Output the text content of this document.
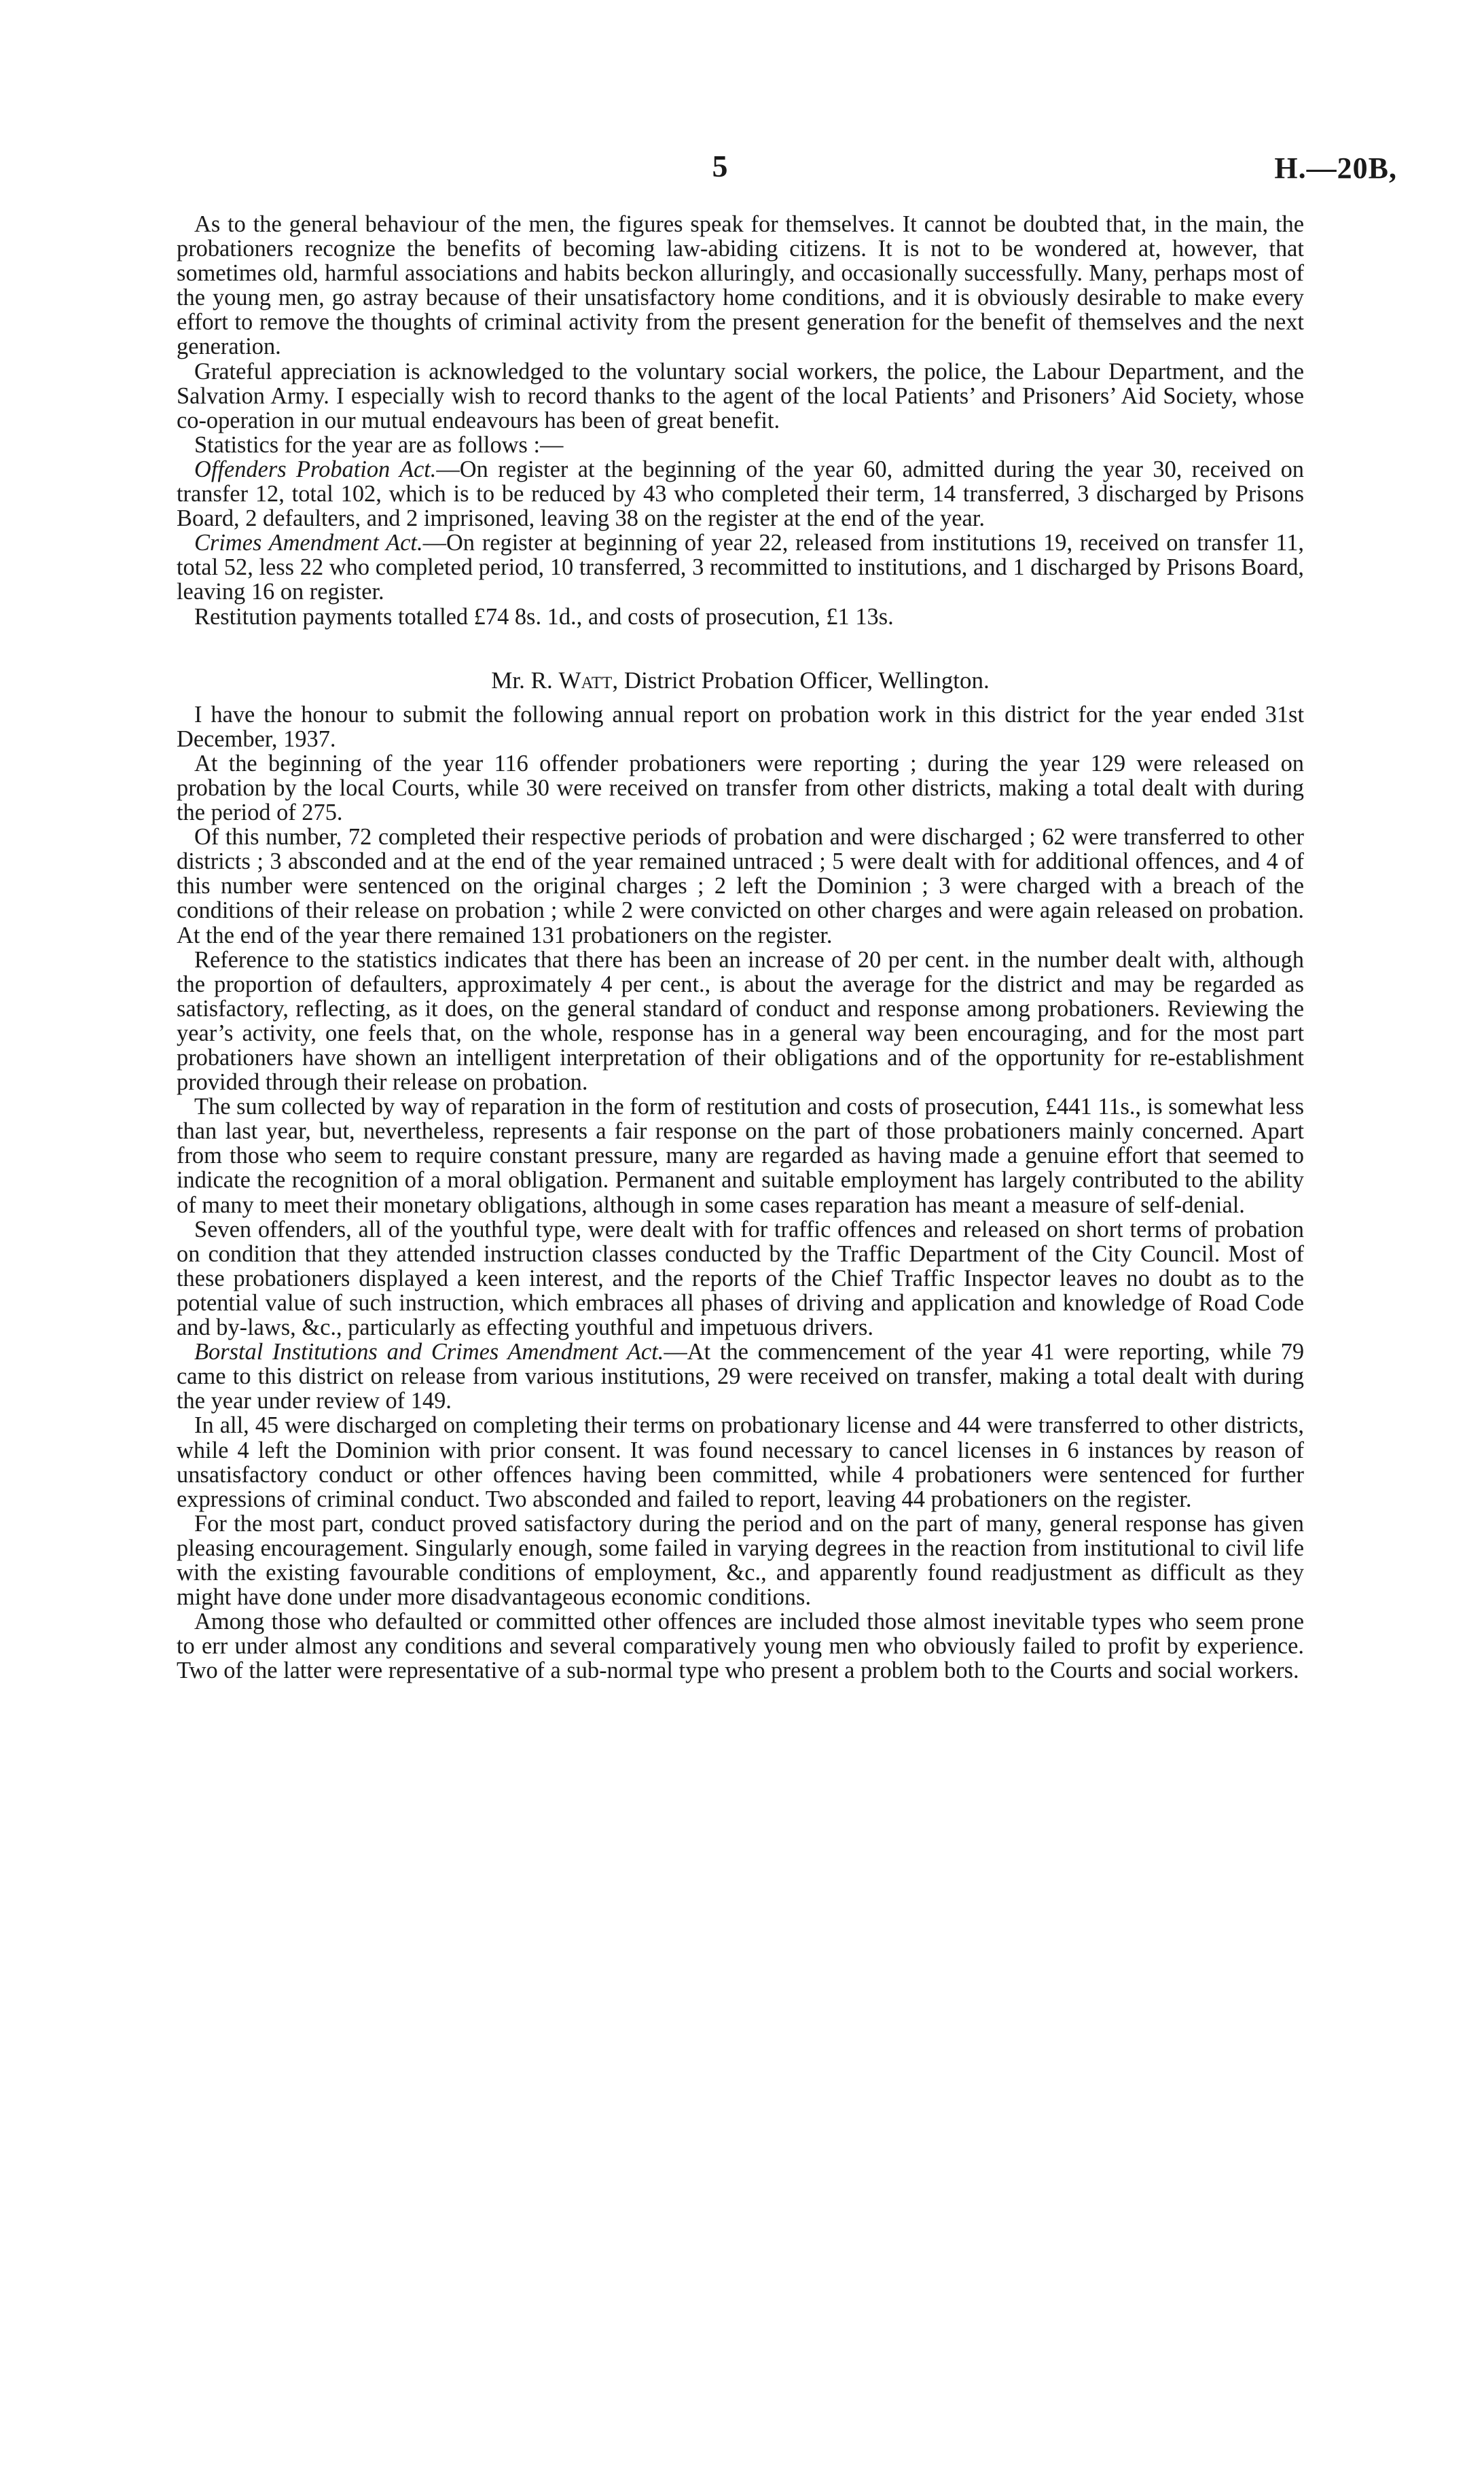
5	H.—20B,

As to the general behaviour of the men, the figures speak for themselves. It cannot be doubted that, in the main, the probationers recognize the benefits of becoming law-abiding citizens. It is not to be wondered at, however, that sometimes old, harmful associations and habits beckon alluringly, and occasionally successfully. Many, perhaps most of the young men, go astray because of their unsatisfactory home conditions, and it is obviously desirable to make every effort to remove the thoughts of criminal activity from the present generation for the benefit of themselves and the next generation.

Grateful appreciation is acknowledged to the voluntary social workers, the police, the Labour Department, and the Salvation Army. I especially wish to record thanks to the agent of the local Patients’ and Prisoners’ Aid Society, whose co-operation in our mutual endeavours has been of great benefit.

Statistics for the year are as follows :—

Offenders Probation Act.—On register at the beginning of the year 60, admitted during the year 30, received on transfer 12, total 102, which is to be reduced by 43 who completed their term, 14 transferred, 3 discharged by Prisons Board, 2 defaulters, and 2 imprisoned, leaving 38 on the register at the end of the year.

Crimes Amendment Act.—On register at beginning of year 22, released from institutions 19, received on transfer 11, total 52, less 22 who completed period, 10 transferred, 3 recommitted to institutions, and 1 discharged by Prisons Board, leaving 16 on register.

Restitution payments totalled £74 8s. 1d., and costs of prosecution, £1 13s.

Mr. R. Watt, District Probation Officer, Wellington.

I have the honour to submit the following annual report on probation work in this district for the year ended 31st December, 1937.

At the beginning of the year 116 offender probationers were reporting ; during the year 129 were released on probation by the local Courts, while 30 were received on transfer from other districts, making a total dealt with during the period of 275.

Of this number, 72 completed their respective periods of probation and were discharged ; 62 were transferred to other districts ; 3 absconded and at the end of the year remained untraced ; 5 were dealt with for additional offences, and 4 of this number were sentenced on the original charges ; 2 left the Dominion ; 3 were charged with a breach of the conditions of their release on probation ; while 2 were convicted on other charges and were again released on probation. At the end of the year there remained 131 probationers on the register.

Reference to the statistics indicates that there has been an increase of 20 per cent. in the number dealt with, although the proportion of defaulters, approximately 4 per cent., is about the average for the district and may be regarded as satisfactory, reflecting, as it does, on the general standard of conduct and response among probationers. Reviewing the year’s activity, one feels that, on the whole, response has in a general way been encouraging, and for the most part probationers have shown an intelligent interpretation of their obligations and of the opportunity for re-establishment provided through their release on probation.

The sum collected by way of reparation in the form of restitution and costs of prosecution, £441 11s., is somewhat less than last year, but, nevertheless, represents a fair response on the part of those probationers mainly concerned. Apart from those who seem to require constant pressure, many are regarded as having made a genuine effort that seemed to indicate the recognition of a moral obligation. Permanent and suitable employment has largely contributed to the ability of many to meet their monetary obligations, although in some cases reparation has meant a measure of self-denial.

Seven offenders, all of the youthful type, were dealt with for traffic offences and released on short terms of probation on condition that they attended instruction classes conducted by the Traffic Department of the City Council. Most of these probationers displayed a keen interest, and the reports of the Chief Traffic Inspector leaves no doubt as to the potential value of such instruction, which embraces all phases of driving and application and knowledge of Road Code and by-laws, &c., particularly as effecting youthful and impetuous drivers.

Borstal Institutions and Crimes Amendment Act.—At the commencement of the year 41 were reporting, while 79 came to this district on release from various institutions, 29 were received on transfer, making a total dealt with during the year under review of 149.

In all, 45 were discharged on completing their terms on probationary license and 44 were transferred to other districts, while 4 left the Dominion with prior consent. It was found necessary to cancel licenses in 6 instances by reason of unsatisfactory conduct or other offences having been committed, while 4 probationers were sentenced for further expressions of criminal conduct. Two absconded and failed to report, leaving 44 probationers on the register.

For the most part, conduct proved satisfactory during the period and on the part of many, general response has given pleasing encouragement. Singularly enough, some failed in varying degrees in the reaction from institutional to civil life with the existing favourable conditions of employment, &c., and apparently found readjustment as difficult as they might have done under more disadvantageous economic conditions.

Among those who defaulted or committed other offences are included those almost inevitable types who seem prone to err under almost any conditions and several comparatively young men who obviously failed to profit by experience. Two of the latter were representative of a sub-normal type who present a problem both to the Courts and social workers.
